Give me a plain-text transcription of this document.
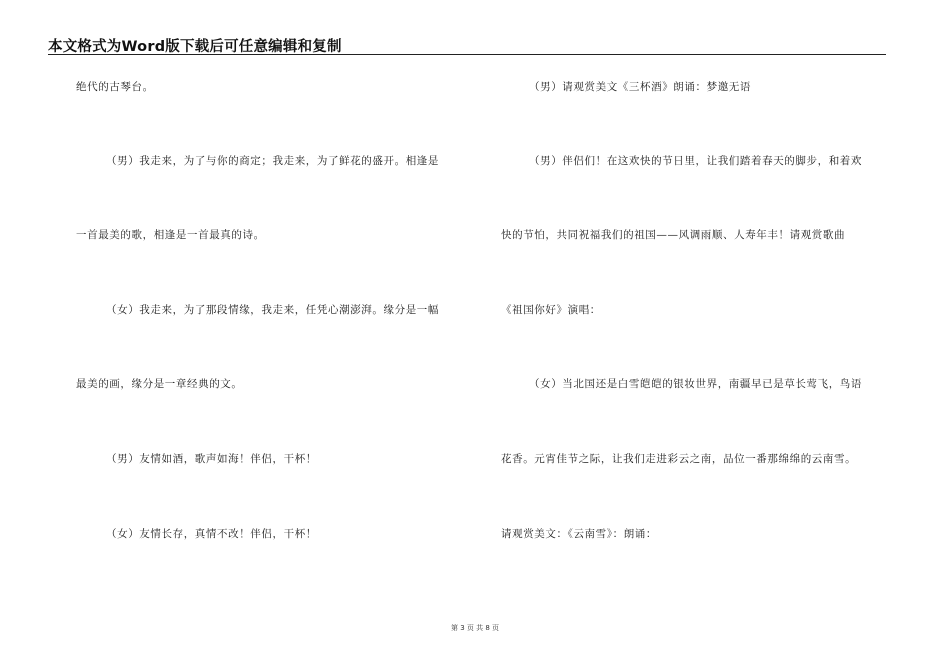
本文格式为Word版下载后可任意编辑和复制
绝代的古琴台。
（男）我走来，为了与你的商定；我走来，为了鲜花的盛开。相逢是
一首最美的歌，相逢是一首最真的诗。
（女）我走来，为了那段情缘，我走来，任凭心潮澎湃。缘分是一幅
最美的画，缘分是一章经典的文。
（男）友情如酒，歌声如海！伴侣，干杯！
（女）友情长存，真情不改！伴侣，干杯！
（男）请观赏美文《三杯酒》朗诵：梦邀无语
（男）伴侣们！在这欢快的节日里，让我们踏着春天的脚步，和着欢
快的节怕，共同祝福我们的祖国——风调雨顺、人寿年丰！请观赏歌曲
《祖国你好》演唱：
（女）当北国还是白雪皑皑的银妆世界，南疆早已是草长莺飞，鸟语
花香。元宵佳节之际，让我们走进彩云之南，品位一番那绵绵的云南雪。
请观赏美文：《云南雪》：朗诵：
第 3 页 共 8 页
